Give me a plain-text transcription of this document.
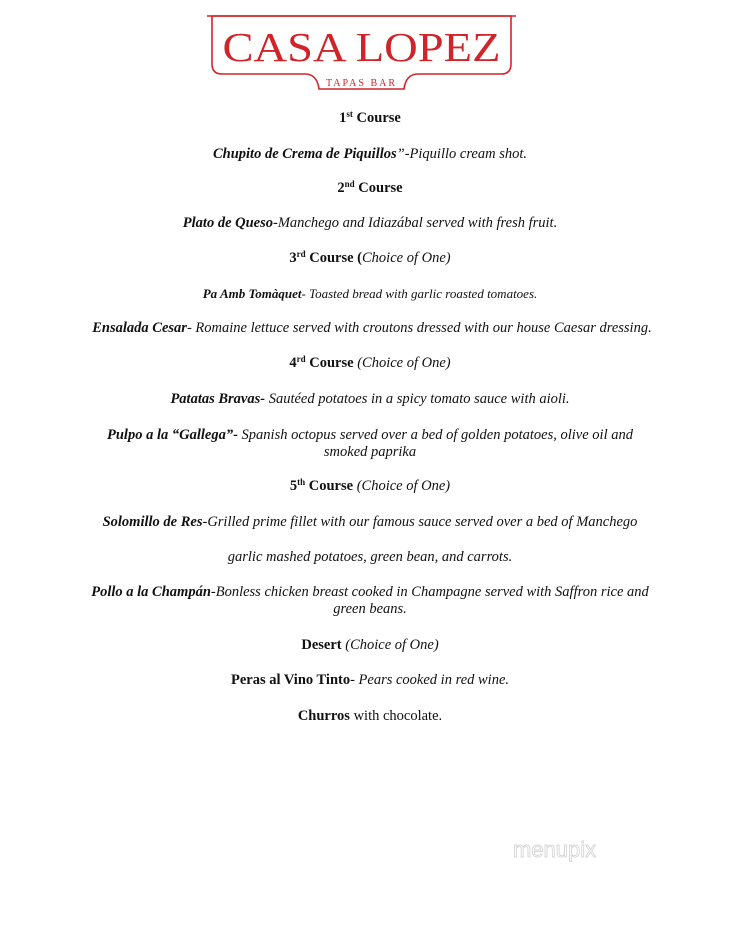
CASA LOPEZ
TAPAS BAR
1st Course
Chupito de Crema de Piquillos”-Piquillo cream shot.
2nd Course
Plato de Queso-Manchego and Idiazábal served with fresh fruit.
3rd Course (Choice of One)
Pa Amb Tomàquet- Toasted bread with garlic roasted tomatoes.
Ensalada Cesar- Romaine lettuce served with croutons dressed with our house Caesar dressing.
4rd Course (Choice of One)
Patatas Bravas- Sautéed potatoes in a spicy tomato sauce with aioli.
Pulpo a la “Gallega”- Spanish octopus served over a bed of golden potatoes, olive oil and
smoked paprika
5th Course (Choice of One)
Solomillo de Res-Grilled prime fillet with our famous sauce served over a bed of Manchego
garlic mashed potatoes, green bean, and carrots.
Pollo a la Champán-Bonless chicken breast cooked in Champagne served with Saffron rice and
green beans.
Desert (Choice of One)
Peras al Vino Tinto- Pears cooked in red wine.
Churros with chocolate.
menupix
